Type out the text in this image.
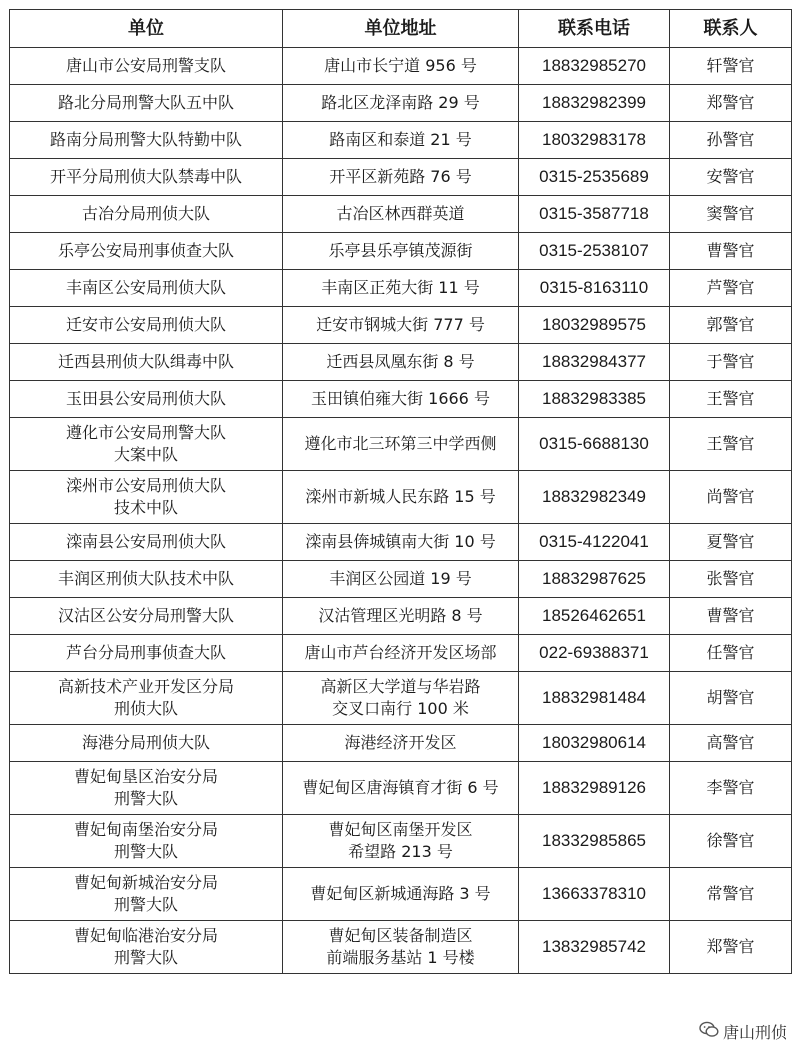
单位	单位地址	联系电话	联系人

唐山市公安局刑警支队	唐山市长宁道 956 号	18832985270	轩警官

路北分局刑警大队五中队	路北区龙泽南路 29 号	18832982399	郑警官

路南分局刑警大队特勤中队	路南区和泰道 21 号	18032983178	孙警官

开平分局刑侦大队禁毒中队	开平区新苑路 76 号	0315-2535689	安警官

古冶分局刑侦大队	古冶区林西群英道	0315-3587718	窦警官

乐亭公安局刑事侦查大队	乐亭县乐亭镇茂源街	0315-2538107	曹警官

丰南区公安局刑侦大队	丰南区正苑大街 11 号	0315-8163110	芦警官

迁安市公安局刑侦大队	迁安市钢城大街 777 号	18032989575	郭警官

迁西县刑侦大队缉毒中队	迁西县凤凰东街 8 号	18832984377	于警官

玉田县公安局刑侦大队	玉田镇伯雍大街 1666 号	18832983385	王警官

遵化市公安局刑警大队
大案中队	遵化市北三环第三中学西侧	0315-6688130	王警官

滦州市公安局刑侦大队
技术中队	滦州市新城人民东路 15 号	18832982349	尚警官

滦南县公安局刑侦大队	滦南县倴城镇南大街 10 号	0315-4122041	夏警官

丰润区刑侦大队技术中队	丰润区公园道 19 号	18832987625	张警官

汉沽区公安分局刑警大队	汉沽管理区光明路 8 号	18526462651	曹警官

芦台分局刑事侦查大队	唐山市芦台经济开发区场部	022-69388371	任警官

高新技术产业开发区分局
刑侦大队	高新区大学道与华岩路
交叉口南行 100 米	18832981484	胡警官

海港分局刑侦大队	海港经济开发区	18032980614	高警官

曹妃甸垦区治安分局
刑警大队	曹妃甸区唐海镇育才街 6 号	18832989126	李警官

曹妃甸南堡治安分局
刑警大队	曹妃甸区南堡开发区
希望路 213 号	18332985865	徐警官

曹妃甸新城治安分局
刑警大队	曹妃甸区新城通海路 3 号	13663378310	常警官

曹妃甸临港治安分局
刑警大队	曹妃甸区装备制造区
前端服务基站 1 号楼	13832985742	郑警官
唐山刑侦
